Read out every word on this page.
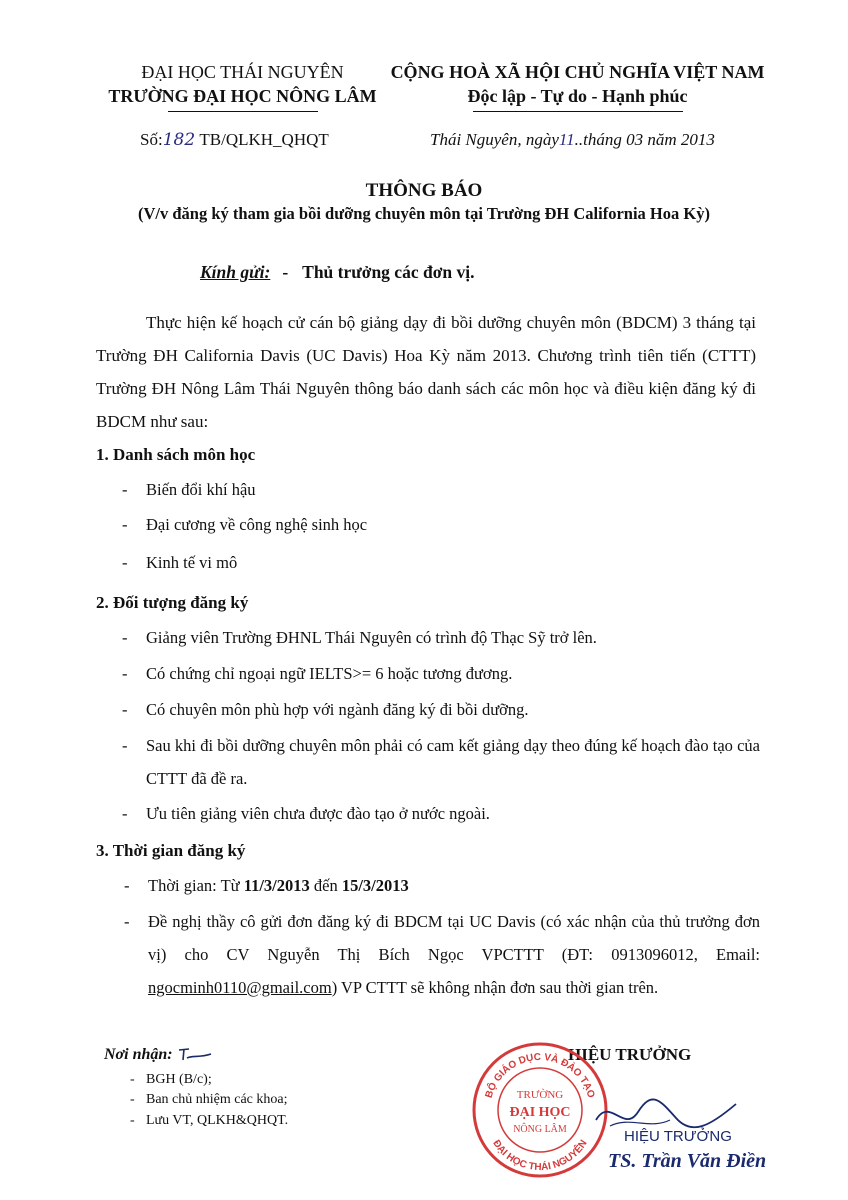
ĐẠI HỌC THÁI NGUYÊN
TRƯỜNG ĐẠI HỌC NÔNG LÂM
CỘNG HOÀ XÃ HỘI CHỦ NGHĨA VIỆT NAM
Độc lập - Tự do - Hạnh phúc
Số:182 TB/QLKH_QHQT	Thái Nguyên, ngày11..tháng 03 năm 2013
THÔNG BÁO
(V/v đăng ký tham gia bồi dưỡng chuyên môn tại Trường ĐH California Hoa Kỳ)
Kính gửi: - Thủ trưởng các đơn vị.
Thực hiện kế hoạch cử cán bộ giảng dạy đi bồi dưỡng chuyên môn (BDCM) 3 tháng tại Trường ĐH California Davis (UC Davis) Hoa Kỳ năm 2013. Chương trình tiên tiến (CTTT) Trường ĐH Nông Lâm Thái Nguyên thông báo danh sách các môn học và điều kiện đăng ký đi BDCM như sau:
1. Danh sách môn học
- Biến đổi khí hậu
- Đại cương về công nghệ sinh học
- Kinh tế vi mô
2. Đối tượng đăng ký
- Giảng viên Trường ĐHNL Thái Nguyên có trình độ Thạc Sỹ trở lên.
- Có chứng chỉ ngoại ngữ IELTS>= 6 hoặc tương đương.
- Có chuyên môn phù hợp với ngành đăng ký đi bồi dưỡng.
- Sau khi đi bồi dưỡng chuyên môn phải có cam kết giảng dạy theo đúng kế hoạch đào tạo của CTTT đã đề ra.
- Ưu tiên giảng viên chưa được đào tạo ở nước ngoài.
3. Thời gian đăng ký
- Thời gian: Từ 11/3/2013 đến 15/3/2013
- Đề nghị thầy cô gửi đơn đăng ký đi BDCM tại UC Davis (có xác nhận của thủ trưởng đơn vị) cho CV Nguyễn Thị Bích Ngọc VPCTTT (ĐT: 0913096012, Email: ngocminh0110@gmail.com) VP CTTT sẽ không nhận đơn sau thời gian trên.
Nơi nhận:
- BGH (B/c);
- Ban chủ nhiệm các khoa;
- Lưu VT, QLKH&QHQT.
HIỆU TRƯỞNG
BỘ GIÁO DỤC VÀ ĐÀO TẠO
ĐẠI HỌC THÁI NGUYÊN
TRƯỜNG
ĐẠI HỌC
NÔNG LÂM	HIỆU TRƯỞNG
TS. Trần Văn Điền
